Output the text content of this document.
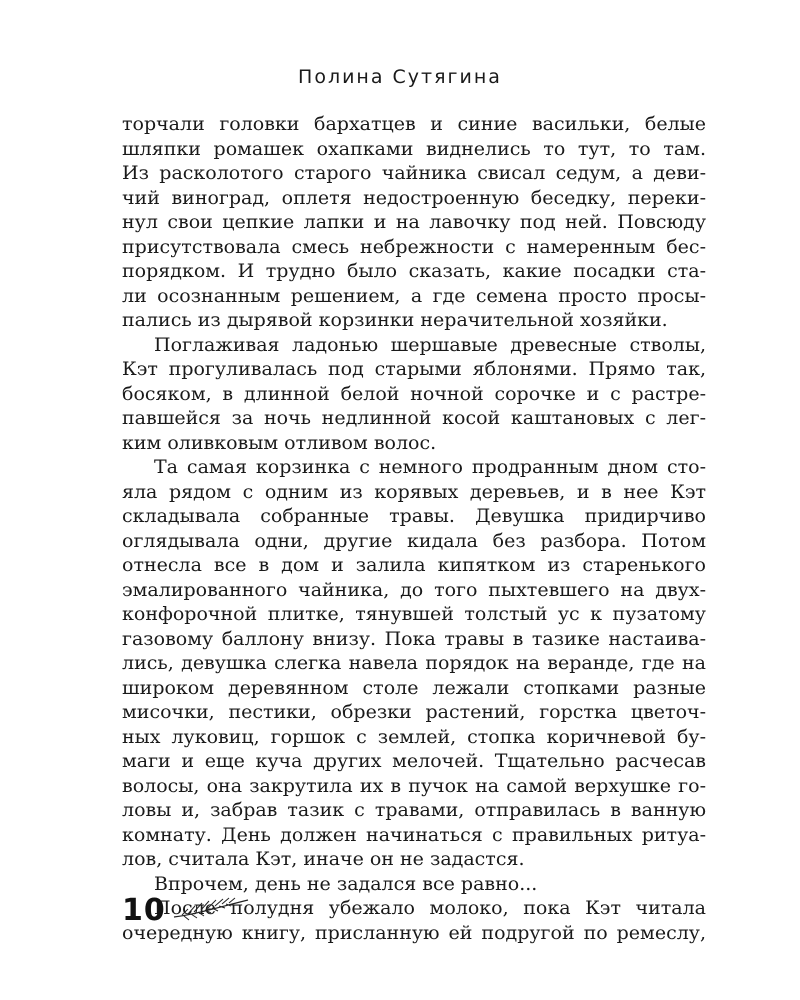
Полина Сутягина
торчали головки бархатцев и синие васильки, белые
шляпки ромашек охапками виднелись то тут, то там.
Из расколотого старого чайника свисал седум, а деви-
чий виноград, оплетя недостроенную беседку, переки-
нул свои цепкие лапки и на лавочку под ней. Повсюду
присутствовала смесь небрежности с намеренным бес-
порядком. И трудно было сказать, какие посадки ста-
ли осознанным решением, а где семена просто просы-
пались из дырявой корзинки нерачительной хозяйки.
Поглаживая ладонью шершавые древесные стволы,
Кэт прогуливалась под старыми яблонями. Прямо так,
босяком, в длинной белой ночной сорочке и с растре-
павшейся за ночь недлинной косой каштановых с лег-
ким оливковым отливом волос.
Та самая корзинка с немного продранным дном сто-
яла рядом с одним из корявых деревьев, и в нее Кэт
складывала собранные травы. Девушка придирчиво
оглядывала одни, другие кидала без разбора. Потом
отнесла все в дом и залила кипятком из старенького
эмалированного чайника, до того пыхтевшего на двух-
конфорочной плитке, тянувшей толстый ус к пузатому
газовому баллону внизу. Пока травы в тазике настаива-
лись, девушка слегка навела порядок на веранде, где на
широком деревянном столе лежали стопками разные
мисочки, пестики, обрезки растений, горстка цветоч-
ных луковиц, горшок с землей, стопка коричневой бу-
маги и еще куча других мелочей. Тщательно расчесав
волосы, она закрутила их в пучок на самой верхушке го-
ловы и, забрав тазик с травами, отправилась в ванную
комнату. День должен начинаться с правильных ритуа-
лов, считала Кэт, иначе он не задастся.
Впрочем, день не задался все равно...
После полудня убежало молоко, пока Кэт читала
очередную книгу, присланную ей подругой по ремеслу,
10
